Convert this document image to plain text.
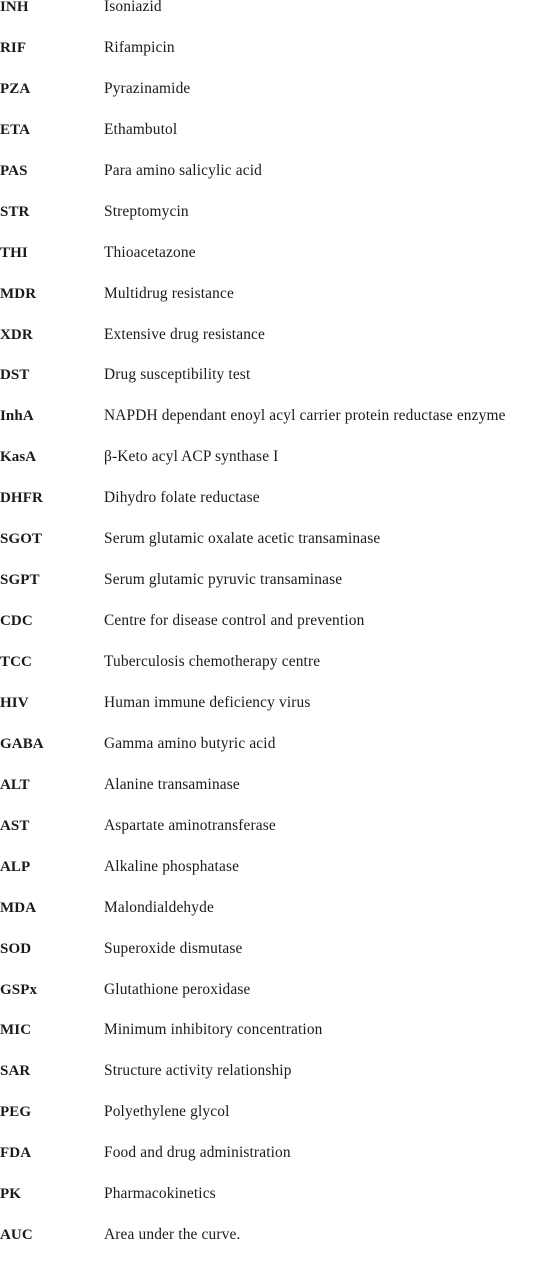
INH	Isoniazid
RIF	Rifampicin
PZA	Pyrazinamide
ETA	Ethambutol
PAS	Para amino salicylic acid
STR	Streptomycin
THI	Thioacetazone
MDR	Multidrug resistance
XDR	Extensive drug resistance
DST	Drug susceptibility test
InhA	NAPDH dependant enoyl acyl carrier protein reductase enzyme
KasA	β-Keto acyl ACP synthase I
DHFR	Dihydro folate reductase
SGOT	Serum glutamic oxalate acetic transaminase
SGPT	Serum glutamic pyruvic transaminase
CDC	Centre for disease control and prevention
TCC	Tuberculosis chemotherapy centre
HIV	Human immune deficiency virus
GABA	Gamma amino butyric acid
ALT	Alanine transaminase
AST	Aspartate aminotransferase
ALP	Alkaline phosphatase
MDA	Malondialdehyde
SOD	Superoxide dismutase
GSPx	Glutathione peroxidase
MIC	Minimum inhibitory concentration
SAR	Structure activity relationship
PEG	Polyethylene glycol
FDA	Food and drug administration
PK	Pharmacokinetics
AUC	Area under the curve.
